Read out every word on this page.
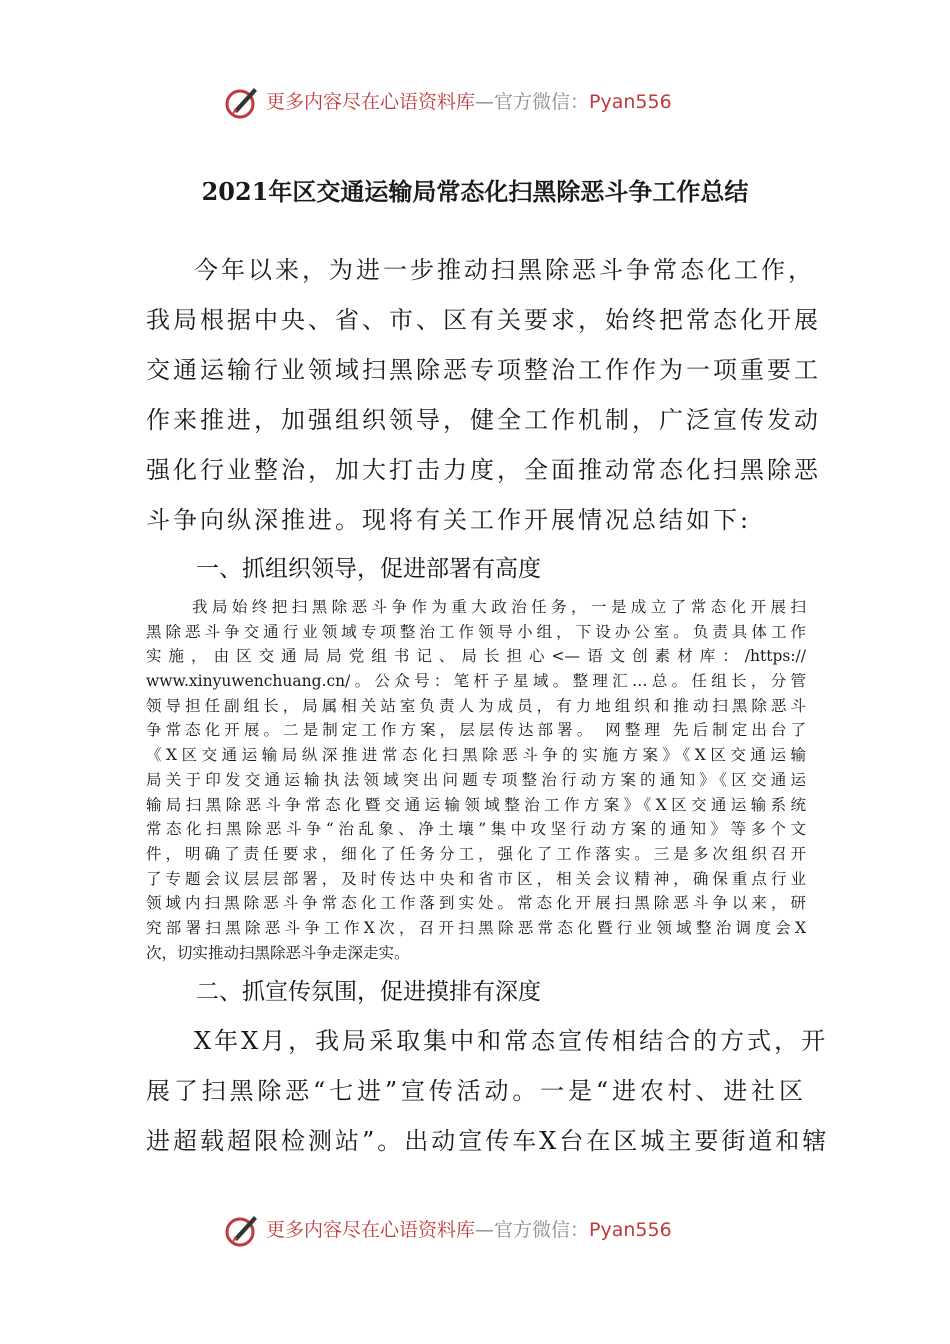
更多内容尽在心语资料库—官方微信：Pyan556
2021年区交通运输局常态化扫黑除恶斗争工作总结
今年以来，为进一步推动扫黑除恶斗争常态化工作，
我局根据中央、省、市、区有关要求，始终把常态化开展
交通运输行业领域扫黑除恶专项整治工作作为一项重要工
作来推进，加强组织领导，健全工作机制，广泛宣传发动
强化行业整治，加大打击力度，全面推动常态化扫黑除恶
斗争向纵深推进。现将有关工作开展情况总结如下:
一、抓组织领导，促进部署有高度
我局始终把扫黑除恶斗争作为重大政治任务，一是成立了常态化开展扫
黑除恶斗争交通行业领域专项整治工作领导小组，下设办公室。负责具体工作
实施，由区交通局局党组书记、局长担心<—语文创素材库：/https://
www.xinyuwenchuang.cn/。公众号：笔杆子星域。整理汇…总。任组长，分管
领导担任副组长，局属相关站室负责人为成员，有力地组织和推动扫黑除恶斗
争常态化开展。二是制定工作方案，层层传达部署。 网整理 先后制定出台了
《X区交通运输局纵深推进常态化扫黑除恶斗争的实施方案》《X区交通运输
局关于印发交通运输执法领域突出问题专项整治行动方案的通知》《区交通运
输局扫黑除恶斗争常态化暨交通运输领域整治工作方案》《X区交通运输系统
常态化扫黑除恶斗争“治乱象、净土壤”集中攻坚行动方案的通知》等多个文
件，明确了责任要求，细化了任务分工，强化了工作落实。三是多次组织召开
了专题会议层层部署，及时传达中央和省市区，相关会议精神，确保重点行业
领域内扫黑除恶斗争常态化工作落到实处。常态化开展扫黑除恶斗争以来，研
究部署扫黑除恶斗争工作X次，召开扫黑除恶常态化暨行业领域整治调度会X
次，切实推动扫黑除恶斗争走深走实。
二、抓宣传氛围，促进摸排有深度
X年X月，我局采取集中和常态宣传相结合的方式，开
展了扫黑除恶“七进”宣传活动。一是“进农村、进社区
进超载超限检测站”。出动宣传车X台在区城主要街道和辖
更多内容尽在心语资料库—官方微信：Pyan556
